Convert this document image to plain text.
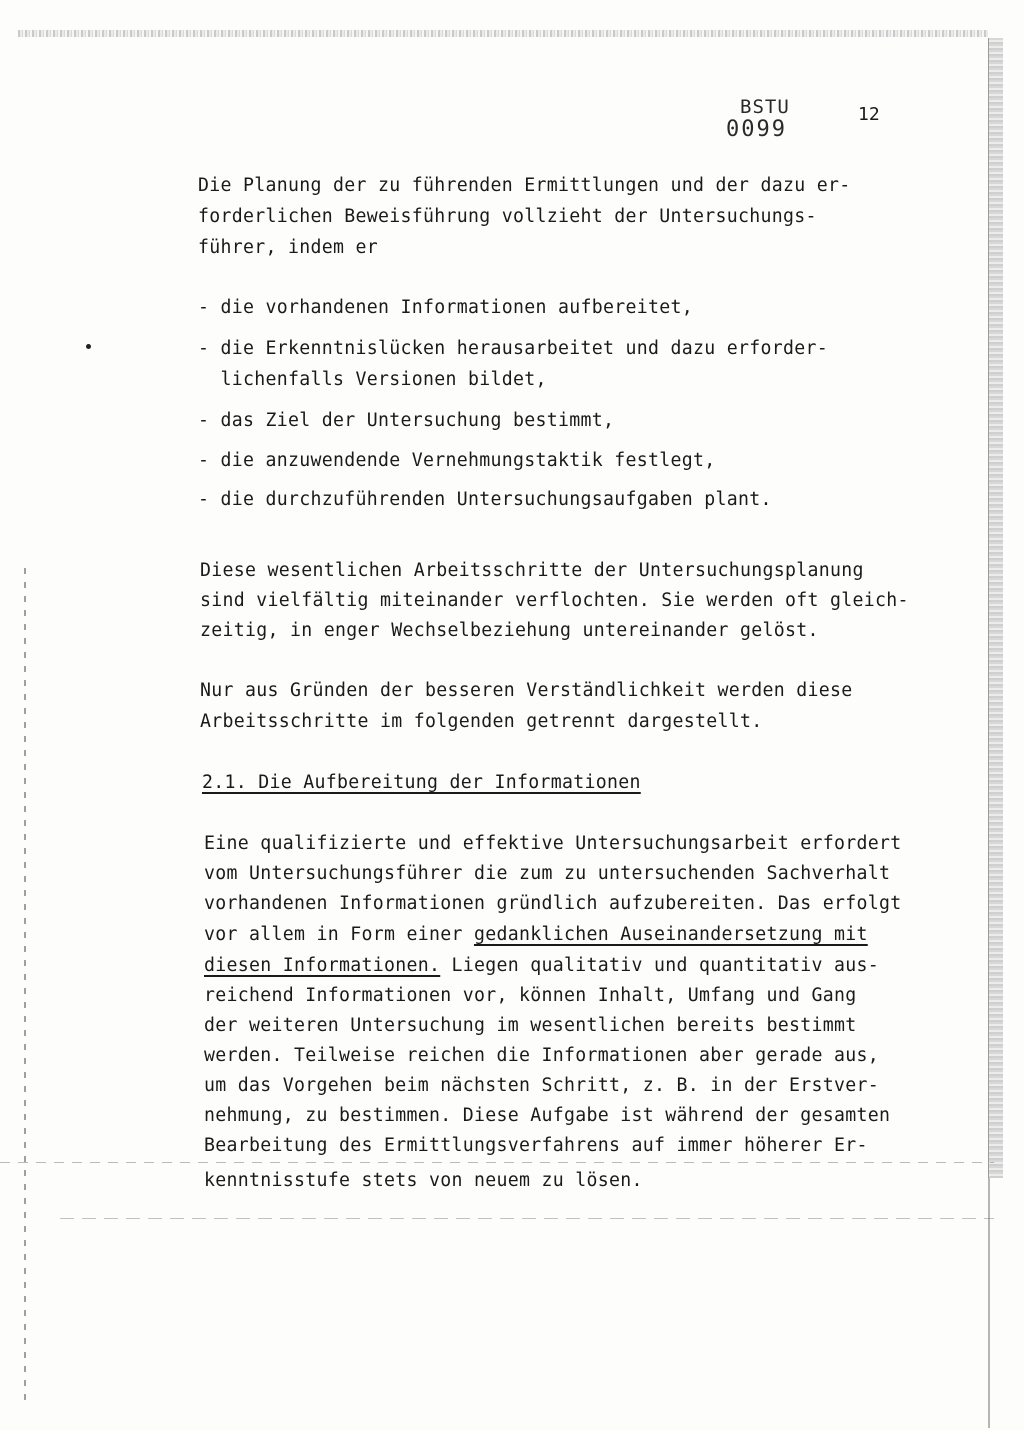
BSTU
0099
12
Die Planung der zu führenden Ermittlungen und der dazu er-
forderlichen Beweisführung vollzieht der Untersuchungs-
führer, indem er
- die vorhandenen Informationen aufbereitet,
- die Erkenntnislücken herausarbeitet und dazu erforder-
lichenfalls Versionen bildet,
- das Ziel der Untersuchung bestimmt,
- die anzuwendende Vernehmungstaktik festlegt,
- die durchzuführenden Untersuchungsaufgaben plant.
Diese wesentlichen Arbeitsschritte der Untersuchungsplanung
sind vielfältig miteinander verflochten. Sie werden oft gleich-
zeitig, in enger Wechselbeziehung untereinander gelöst.
Nur aus Gründen der besseren Verständlichkeit werden diese
Arbeitsschritte im folgenden getrennt dargestellt.
2.1. Die Aufbereitung der Informationen
Eine qualifizierte und effektive Untersuchungsarbeit erfordert
vom Untersuchungsführer die zum zu untersuchenden Sachverhalt
vorhandenen Informationen gründlich aufzubereiten. Das erfolgt
vor allem in Form einer gedanklichen Auseinandersetzung mit
diesen Informationen. Liegen qualitativ und quantitativ aus-
reichend Informationen vor, können Inhalt, Umfang und Gang
der weiteren Untersuchung im wesentlichen bereits bestimmt
werden. Teilweise reichen die Informationen aber gerade aus,
um das Vorgehen beim nächsten Schritt, z. B. in der Erstver-
nehmung, zu bestimmen. Diese Aufgabe ist während der gesamten
Bearbeitung des Ermittlungsverfahrens auf immer höherer Er-
kenntnisstufe stets von neuem zu lösen.
